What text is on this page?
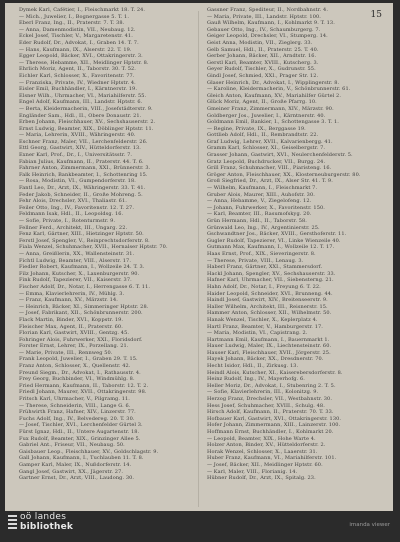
15
Dymek Karl, Cafétier, I., Fleischmarkt 18. T. 24.
— Mich., Juwelier, I., Bognergasse 5. T. 1.
Eberl Franz, Ing., II., Praterstr. 7. T. 38.
— Anna, Damenmodistin, VII., Neubaug. 12.
Eckel Josef, Tischler, V., Margaretenstr. 41.
Eder Rudolf, Dr., Advokat, I., Graben 14. T. 7.
— Hans, Kaufmann, IX., Alserstr. 22. T. 19.
Egger Leopold, Bäcker, XVI., Ottakringerstr. 3.
— Therese, Hebamme, XII., Meidlinger Hptstr. 8.
Ehrlich Moriz, Agent, II., Taborstr. 30. T. 52.
Eichler Karl, Schlosser, X., Favoritenstr. 77.
— Franziska, Private, IV., Wiedner Hptstr. 4.
Eisler Emil, Buchhändler, I., Kärntnerstr. 19.
Elsner Wilh., Uhrmacher, VI., Mariahilferstr. 55.
Engel Adolf, Kaufmann, III., Landstr. Hptstr. 6.
— Berta, Kleidermacherin, VIII., Josefstädterstr. 9.
Engländer Sam., Hdl., II., Obere Donaustr. 21.
Erben Johann, Fleischhauer, XV., Sechshauserstr. 2.
Ernst Ludwig, Beamter, XIX., Döblinger Hptstr. 11.
— Maria, Lehrerin, XVIII., Währingerstr. 40.
Eschner Franz, Maler, VII., Lerchenfelderstr. 26.
Ettl Georg, Gastwirt, XIV., Hütteldorferstr. 13.
Exner Karl, Prof., Dr., I., Universitätsstr. 7.
Fabian Julius, Kaufmann, II., Praterstr. 44. T. 6.
Fahrner Anton, Zimmermann, XXI., Brünnerstr. 3.
Falk Heinrich, Bankbeamter, I., Schottenring 15.
— Rosa, Modistin, VI., Gumpendorferstr. 18.
Fantl Leo, Dr., Arzt, IX., Währingerstr. 33. T. 41.
Feder Jakob, Schneider, II., Große Mohreng. 5.
Fehr Alois, Drechsler, XVI., Thaliastr. 61.
Feiler Otto, Ing., IV., Favoritenstr. 12. T. 27.
Feldmann Isak, Hdl., II., Leopoldsg. 16.
— Sofie, Private, I., Rotenturmstr. 9.
Fellner Ferd., Architekt, III., Ungarg. 22.
Fenz Karl, Gärtner, XIII., Hietzinger Hptstr. 50.
Ferstl Josef, Spengler, V., Reinprechtsdorferstr. 8.
Fiala Wenzel, Schuhmacher, XVII., Hernalser Hptstr. 70.
— Anna, Greißlerin, XX., Wallensteinstr. 31.
Fichtl Ludwig, Beamter, VIII., Alserstr. 17.
Fiedler Robert, Kaufmann, I., Wollzeile 24. T. 3.
Filz Johann, Kutscher, X., Laxenburgerstr. 90.
Fink Rudolf, Tapezierer, VII., Kaiserstr. 37.
Fischer Adolf, Dr., Notar, I., Herrengasse 6. T. 11.
— Emma, Klavierlehrerin, IV., Mühlg. 3.
— Franz, Kaufmann, XV., Märzstr. 14.
— Heinrich, Bäcker, XI., Simmeringer Hptstr. 28.
— Josef, Fabrikant, XII., Schönbrunnerstr. 200.
Flack Martin, Binder, XVI., Koppstr. 19.
Fleischer Max, Agent, II., Praterstr. 60.
Florian Karl, Gastwirt, XVIII., Gentzg. 45.
Fohringer Alois, Fuhrwerker, XXI., Floridsdorf.
Forster Ernst, Lehrer, IX., Porzellang. 21.
— Marie, Private, III., Rennweg 50.
Frank Leopold, Juwelier, I., Graben 29. T. 15.
Franz Anton, Schlosser, X., Quellenstr. 42.
Freund Siegm., Dr., Advokat, I., Rathausstr. 4.
Frey Georg, Buchbinder, VI., Windmühlg. 8.
Fried Hermann, Kaufmann, II., Taborstr. 12. T. 2.
Friedl Johann, Maurer, XVII., Ottakringerstr. 98.
Fritsch Karl, Uhrmacher, V., Pilgramg. 11.
— Therese, Schneiderin, VIII., Lange G. 6.
Frühwirth Franz, Hafner, XIV., Linzerstr. 77.
Fuchs Adolf, Ing., IV., Belvedereg. 20. T. 30.
— Josef, Tischler, XVI., Lerchenfelder Gürtel 3.
Fürst Ignaz, Hdl., II., Untere Augartenstr. 18.
Fux Rudolf, Beamter, XIX., Grinzinger Allee 5.
Gabriel Ant., Friseur, VII., Neubaug. 50.
Gaisbauer Leop., Fleischhauer, XV., Goldschlagstr. 9.
Gall Johann, Kaufmann, I., Tuchlauben 11. T. 8.
Gamper Karl, Maler, IX., Nußdorferstr. 14.
Gangl Josef, Gastwirt, XX., Jägerstr. 27.
Gartner Ernst, Dr., Arzt, VIII., Laudong. 30.
Gassner Franz, Spediteur, II., Nordbahnstr. 4.
— Maria, Private, III., Landstr. Hptstr. 100.
Gauß Wilhelm, Kaufmann, I., Kohlmarkt 9. T. 13.
Gebauer Otto, Ing., IV., Schaumburgerg. 7.
Geiger Leopold, Drechsler, VI., Stumperg. 14.
Geist Anna, Modistin, VII., Zieglerg. 33.
Gelb Samuel, Hdl., II., Praterstr. 25. T. 40.
Gerber Johann, Bäcker, XII., Arndtstr. 16.
Gerstl Karl, Beamter, XVIII., Kutscherg. 3.
Geyer Rudolf, Tischler, X., Gudrunstr. 55.
Gindl Josef, Schmied, XXI., Prager Str. 12.
Glaser Heinrich, Dr., Advokat, I., Wipplingerstr. 8.
— Karoline, Kleidermacherin, V., Schönbrunnerstr. 61.
Gleich Anton, Kaufmann, XV., Mariahilfer Gürtel 2.
Glück Moriz, Agent, II., Große Pfarrg. 10.
Gmeiner Franz, Zimmermann, XIV., Märzstr. 90.
Goldberger Jos., Juwelier, I., Kärntnerstr. 40.
Goldmann Emil, Bankier, I., Schottengasse 3. T. 1.
— Regine, Private, IX., Berggasse 19.
Gottlieb Adolf, Hdl., II., Rembrandtstr. 22.
Graf Ludwig, Lehrer, XVII., Kalvarienbergg. 41.
Gramm Karl, Schlosser, XI., Geiselbergstr. 7.
Grasser Johann, Gastwirt, XVI., Neulerchenfelderstr. 5.
Gratz Leopold, Buchdrucker, VII., Burgg. 24.
Grill Franz, Schuhmacher, VIII., Piaristeng. 16.
Gröger Anton, Fleischhauer, XX., Klosterneuburgerstr. 80.
Groß Siegfried, Dr., Arzt, IX., Alser Str. 41. T. 9.
— Wilhelm, Kaufmann, I., Fleischmarkt 7.
Gruber Alois, Maurer, XIII., Auhofstr. 30.
— Anna, Hebamme, V., Ziegelofeng. 12.
— Johann, Fuhrwerker, X., Favoritenstr. 150.
— Karl, Beamter, III., Rasumofskyg. 20.
Grün Hermann, Hdl., II., Taborstr. 58.
Grünwald Leo, Ing., IV., Argentinierstr. 25.
Gschwandtner Jos., Bäcker, XVIII., Gersthoferstr. 11.
Gugler Rudolf, Tapezierer, VI., Linke Wienzeile 40.
Gutmann Max, Kaufmann, I., Wollzeile 12. T. 17.
Haas Ernst, Prof., XIX., Sieveringerstr. 8.
— Therese, Private, VIII., Lenaug. 3.
Haberl Franz, Gärtner, XXI., Stammersdorf.
Hackl Johann, Spengler, XV., Sechshauserstr. 33.
Hafner Karl, Uhrmacher, VII., Siebensterng. 21.
Hahn Adolf, Dr., Notar, I., Freyung 6. T. 22.
Haider Leopold, Schneider, XVI., Brunneng. 44.
Haindl Josef, Gastwirt, XIV., Breitenseerstr. 9.
Haller Wilhelm, Architekt, III., Reisnerstr. 15.
Hammer Anton, Schlosser, XII., Wilhelmstr. 50.
Hanak Wenzel, Tischler, X., Keplerplatz 4.
Hartl Franz, Beamter, V., Hamburgerstr. 17.
— Maria, Modistin, VI., Capistrang. 2.
Hartmann Emil, Kaufmann, I., Bauernmarkt 1.
Hauer Ludwig, Maler, IX., Liechtensteinstr. 60.
Hauser Karl, Fleischhauer, XVII., Jörgerstr. 25.
Hayek Johann, Bäcker, XX., Dresdnerstr. 70.
Hecht Isidor, Hdl., II., Zirkusg. 13.
Heindl Alois, Kutscher, XI., Kaiserebersdorferstr. 8.
Heinz Rudolf, Ing., IV., Mayerhofg. 6.
Heller Moriz, Dr., Advokat, I., Stubenring 2. T. 5.
— Sofie, Klavierlehrerin, III., Kolonitzg. 9.
Herzog Franz, Drechsler, VII., Westbahnstr. 30.
Hess Josef, Schuhmacher, XVIII., Schulg. 48.
Hirsch Adolf, Kaufmann, II., Praterstr. 70. T. 33.
Hofbauer Karl, Gastwirt, XVI., Ottakringerstr. 130.
Hofer Johann, Zimmermann, XIII., Lainzerstr. 100.
Hoffmann Ernst, Buchhändler, I., Kohlmarkt 20.
— Leopold, Beamter, XIX., Hohe Warte 4.
Holzer Anton, Binder, XV., Hütteldorferstr. 2.
Horak Wenzel, Schlosser, X., Laaerstr. 31.
Huber Franz, Kaufmann, VI., Mariahilferstr. 101.
— Josef, Bäcker, XII., Meidlinger Hptstr. 60.
— Karl, Maler, VIII., Florianig. 14.
Hübner Rudolf, Dr., Arzt, IX., Spitalg. 23.
oö landes
bibliothek	imanda viewer
